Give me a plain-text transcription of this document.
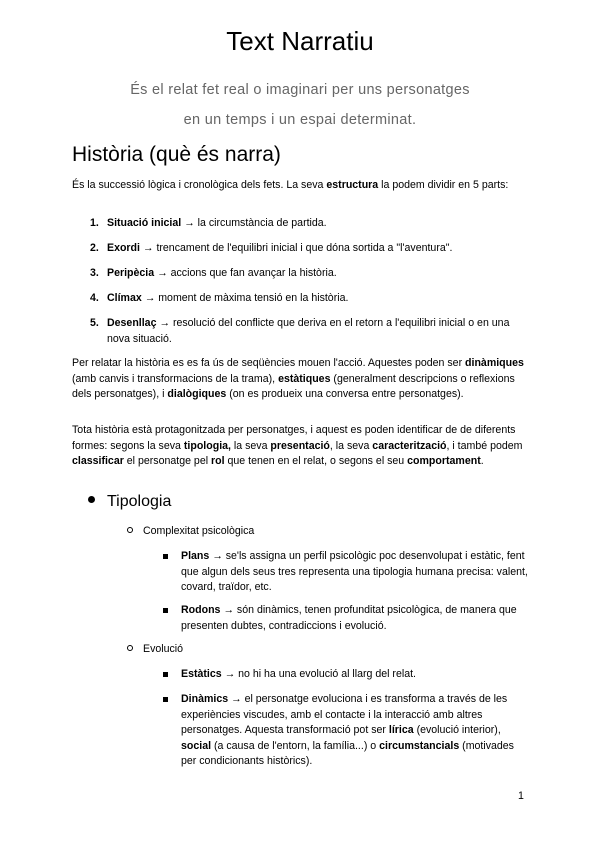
Text Narratiu

És el relat fet real o imaginari per uns personatges

en un temps i un espai determinat.

Història (què és narra)

És la successió lògica i cronològica dels fets. La seva estructura la podem dividir en 5 parts:

1. Situació inicial → la circumstància de partida.
2. Exordi → trencament de l'equilibri inicial i que dóna sortida a "l'aventura".
3. Peripècia → accions que fan avançar la història.
4. Clímax → moment de màxima tensió en la història.
5. Desenllaç → resolució del conflicte que deriva en el retorn a l'equilibri inicial o en una nova situació.

Per relatar la història es es fa ús de seqüències mouen l'acció. Aquestes poden ser dinàmiques (amb canvis i transformacions de la trama), estàtiques (generalment descripcions o reflexions dels personatges), i dialògiques (on es produeix una conversa entre personatges).

Tota història està protagonitzada per personatges, i aquest es poden identificar de de diferents formes: segons la seva tipologia, la seva presentació, la seva caracterització, i també podem classificar el personatge pel rol que tenen en el relat, o segons el seu comportament.

Tipologia
Complexitat psicològica
Plans → se'ls assigna un perfil psicològic poc desenvolupat i estàtic, fent que algun dels seus tres representa una tipologia humana precisa: valent, covard, traïdor, etc.
Rodons → són dinàmics, tenen profunditat psicològica, de manera que presenten dubtes, contradiccions i evolució.
Evolució
Estàtics → no hi ha una evolució al llarg del relat.
Dinàmics → el personatge evoluciona i es transforma a través de les experiències viscudes, amb el contacte i la interacció amb altres personatges. Aquesta transformació pot ser lírica (evolució interior), social (a causa de l'entorn, la família...) o circumstancials (motivades per condicionants històrics).
1
